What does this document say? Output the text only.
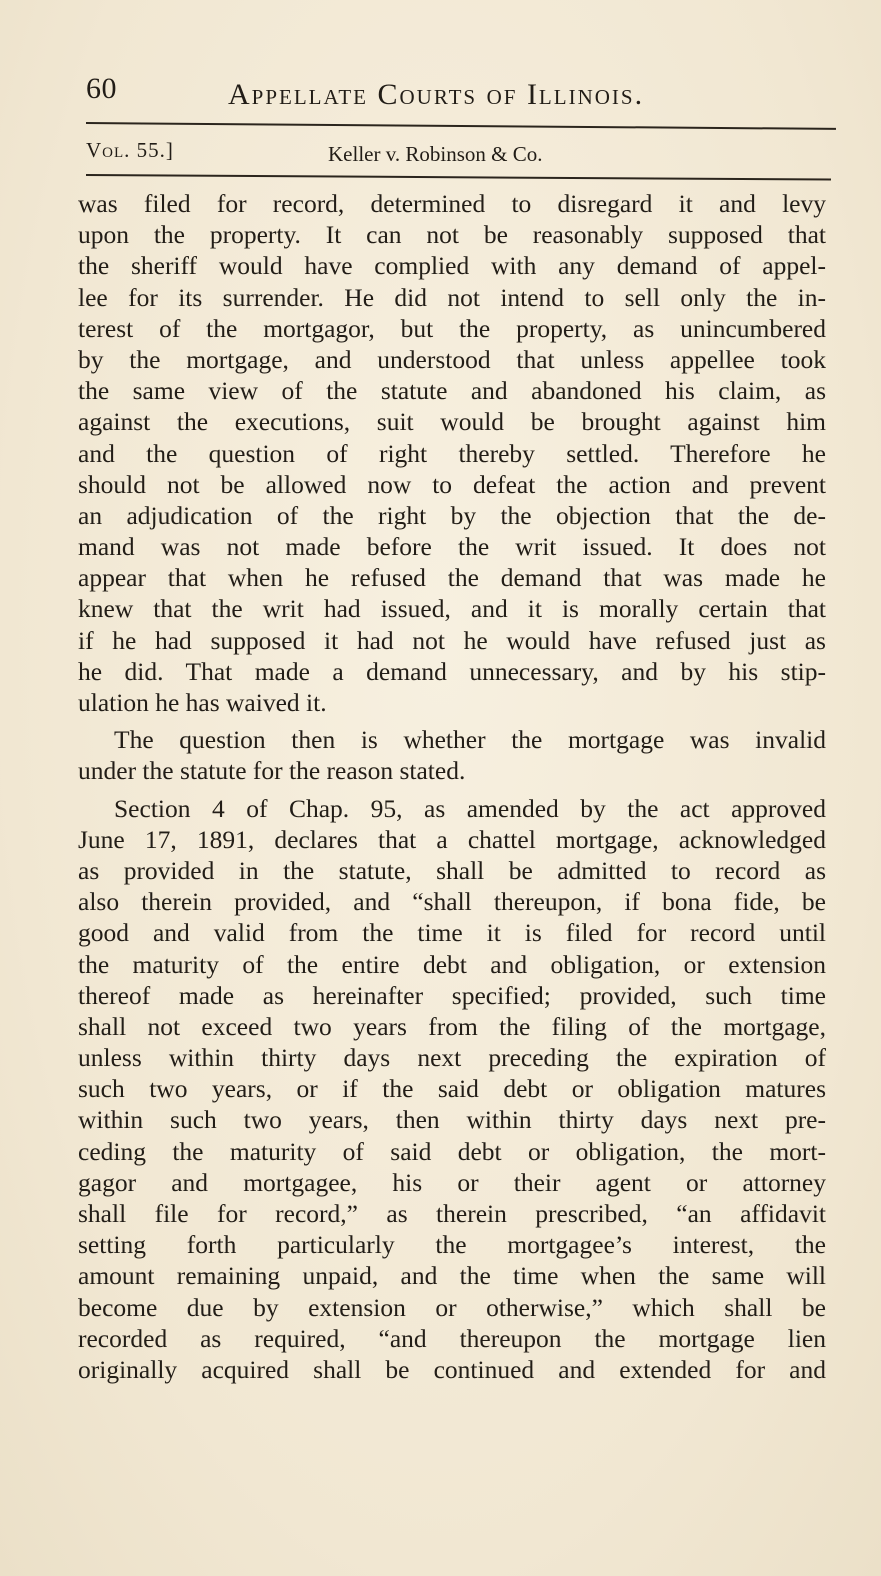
60	Appellate Courts of Illinois.
Vol. 55.]	Keller v. Robinson & Co.
was filed for record, determined to disregard it and levy
upon the property. It can not be reasonably supposed that
the sheriff would have complied with any demand of appel-
lee for its surrender. He did not intend to sell only the in-
terest of the mortgagor, but the property, as unincumbered
by the mortgage, and understood that unless appellee took
the same view of the statute and abandoned his claim, as
against the executions, suit would be brought against him
and the question of right thereby settled. Therefore he
should not be allowed now to defeat the action and prevent
an adjudication of the right by the objection that the de-
mand was not made before the writ issued. It does not
appear that when he refused the demand that was made he
knew that the writ had issued, and it is morally certain that
if he had supposed it had not he would have refused just as
he did. That made a demand unnecessary, and by his stip-
ulation he has waived it.
The question then is whether the mortgage was invalid
under the statute for the reason stated.
Section 4 of Chap. 95, as amended by the act approved
June 17, 1891, declares that a chattel mortgage, acknowledged
as provided in the statute, shall be admitted to record as
also therein provided, and “shall thereupon, if bona fide, be
good and valid from the time it is filed for record until
the maturity of the entire debt and obligation, or extension
thereof made as hereinafter specified; provided, such time
shall not exceed two years from the filing of the mortgage,
unless within thirty days next preceding the expiration of
such two years, or if the said debt or obligation matures
within such two years, then within thirty days next pre-
ceding the maturity of said debt or obligation, the mort-
gagor and mortgagee, his or their agent or attorney
shall file for record,” as therein prescribed, “an affidavit
setting forth particularly the mortgagee’s interest, the
amount remaining unpaid, and the time when the same will
become due by extension or otherwise,” which shall be
recorded as required, “and thereupon the mortgage lien
originally acquired shall be continued and extended for and
